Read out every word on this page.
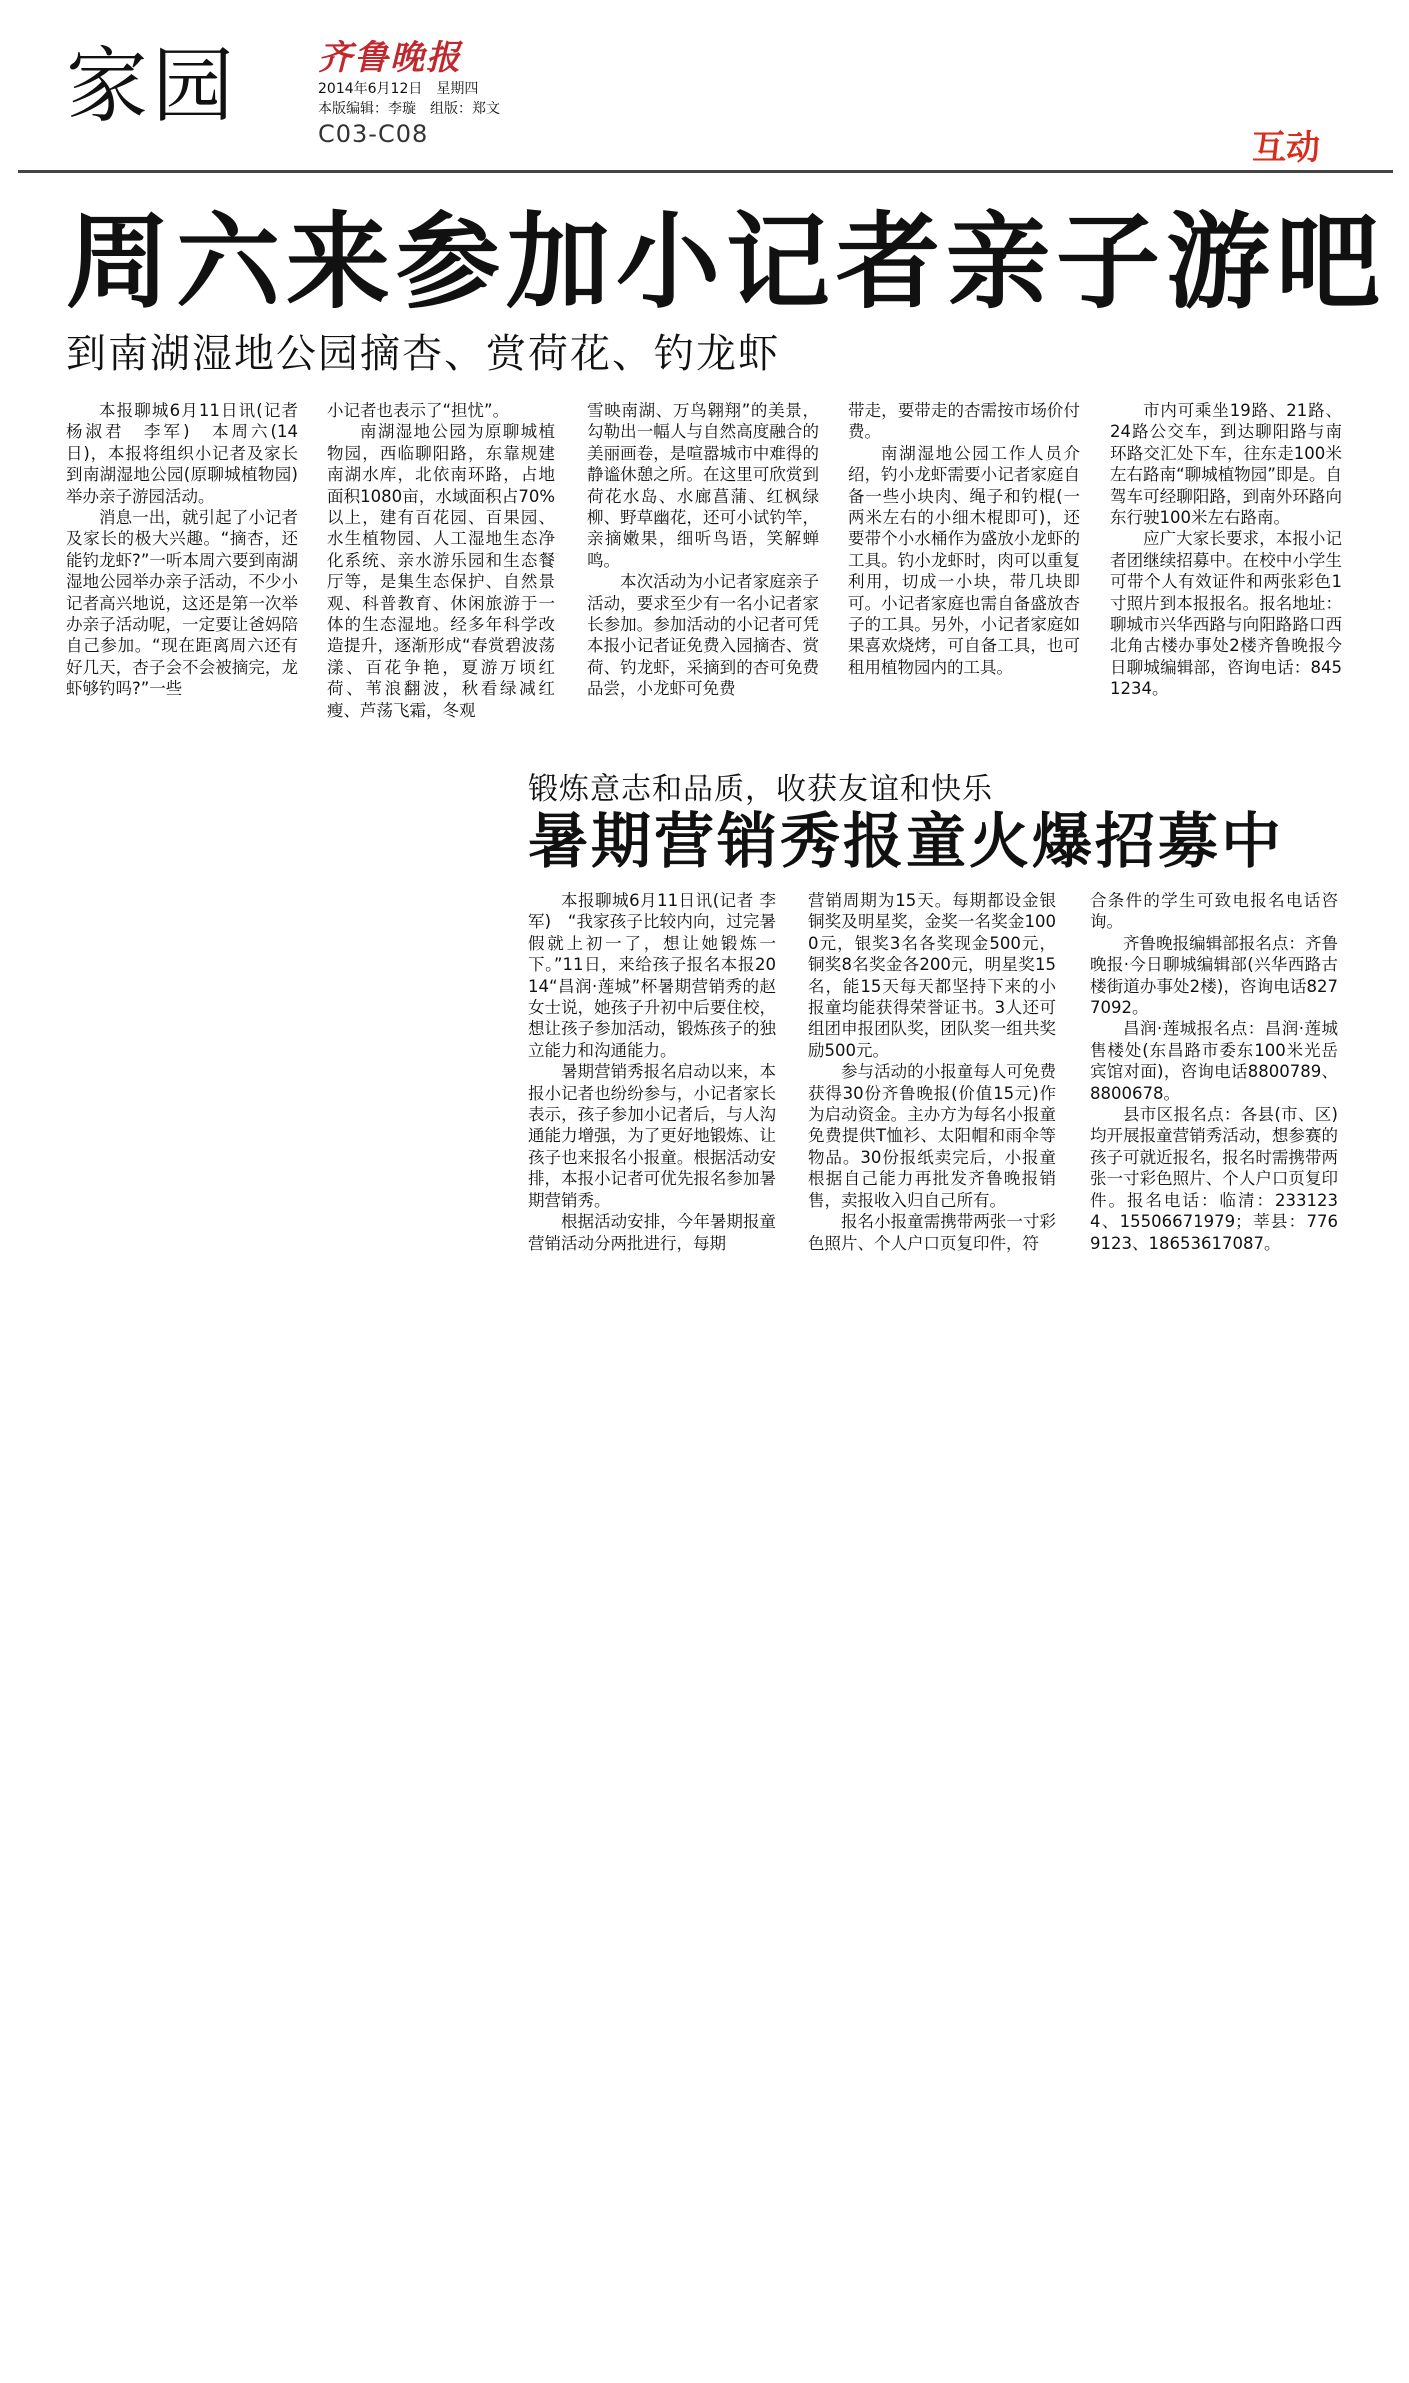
家园 齐鲁晚报
2014年6月12日　星期四
本版编辑：李璇　组版：郑文
C03-C08	互动
周六来参加小记者亲子游吧
到南湖湿地公园摘杏、赏荷花、钓龙虾

本报聊城6月11日讯(记者 杨淑君　李军)　本周六(14日)，本报将组织小记者及家长到南湖湿地公园(原聊城植物园)举办亲子游园活动。

消息一出，就引起了小记者及家长的极大兴趣。“摘杏，还能钓龙虾?”一听本周六要到南湖湿地公园举办亲子活动，不少小记者高兴地说，这还是第一次举办亲子活动呢，一定要让爸妈陪自己参加。“现在距离周六还有好几天，杏子会不会被摘完，龙虾够钓吗?”一些

小记者也表示了“担忧”。

南湖湿地公园为原聊城植物园，西临聊阳路，东靠规建南湖水库，北依南环路，占地面积1080亩，水域面积占70%以上，建有百花园、百果园、水生植物园、人工湿地生态净化系统、亲水游乐园和生态餐厅等，是集生态保护、自然景观、科普教育、休闲旅游于一体的生态湿地。经多年科学改造提升，逐渐形成“春赏碧波荡漾、百花争艳，夏游万顷红荷、苇浪翻波，秋看绿减红瘦、芦荡飞霜，冬观

雪映南湖、万鸟翱翔”的美景，勾勒出一幅人与自然高度融合的美丽画卷，是喧嚣城市中难得的静谧休憩之所。在这里可欣赏到荷花水岛、水廊菖蒲、红枫绿柳、野草幽花，还可小试钓竿，亲摘嫩果，细听鸟语，笑解蝉鸣。

本次活动为小记者家庭亲子活动，要求至少有一名小记者家长参加。参加活动的小记者可凭本报小记者证免费入园摘杏、赏荷、钓龙虾，采摘到的杏可免费品尝，小龙虾可免费

带走，要带走的杏需按市场价付费。

南湖湿地公园工作人员介绍，钓小龙虾需要小记者家庭自备一些小块肉、绳子和钓棍(一两米左右的小细木棍即可)，还要带个小水桶作为盛放小龙虾的工具。钓小龙虾时，肉可以重复利用，切成一小块，带几块即可。小记者家庭也需自备盛放杏子的工具。另外，小记者家庭如果喜欢烧烤，可自备工具，也可租用植物园内的工具。

市内可乘坐19路、21路、24路公交车，到达聊阳路与南环路交汇处下车，往东走100米左右路南“聊城植物园”即是。自驾车可经聊阳路，到南外环路向东行驶100米左右路南。

应广大家长要求，本报小记者团继续招募中。在校中小学生可带个人有效证件和两张彩色1寸照片到本报报名。报名地址：聊城市兴华西路与向阳路路口西北角古楼办事处2楼齐鲁晚报今日聊城编辑部，咨询电话：8451234。

锻炼意志和品质，收获友谊和快乐
暑期营销秀报童火爆招募中

本报聊城6月11日讯(记者 李军)　“我家孩子比较内向，过完暑假就上初一了，想让她锻炼一下。”11日，来给孩子报名本报2014“昌润·莲城”杯暑期营销秀的赵女士说，她孩子升初中后要住校，想让孩子参加活动，锻炼孩子的独立能力和沟通能力。

暑期营销秀报名启动以来，本报小记者也纷纷参与，小记者家长表示，孩子参加小记者后，与人沟通能力增强，为了更好地锻炼、让孩子也来报名小报童。根据活动安排，本报小记者可优先报名参加暑期营销秀。

根据活动安排，今年暑期报童营销活动分两批进行，每期

营销周期为15天。每期都设金银铜奖及明星奖，金奖一名奖金1000元，银奖3名各奖现金500元，铜奖8名奖金各200元，明星奖15名，能15天每天都坚持下来的小报童均能获得荣誉证书。3人还可组团申报团队奖，团队奖一组共奖励500元。

参与活动的小报童每人可免费获得30份齐鲁晚报(价值15元)作为启动资金。主办方为每名小报童免费提供T恤衫、太阳帽和雨伞等物品。30份报纸卖完后，小报童根据自己能力再批发齐鲁晚报销售，卖报收入归自己所有。

报名小报童需携带两张一寸彩色照片、个人户口页复印件，符

合条件的学生可致电报名电话咨询。

齐鲁晚报编辑部报名点：齐鲁晚报·今日聊城编辑部(兴华西路古楼街道办事处2楼)，咨询电话8277092。

昌润·莲城报名点：昌润·莲城售楼处(东昌路市委东100米光岳宾馆对面)，咨询电话8800789、8800678。

县市区报名点：各县(市、区)均开展报童营销秀活动，想参赛的孩子可就近报名，报名时需携带两张一寸彩色照片、个人户口页复印件。报名电话：临清：2331234、15506671979；莘县：7769123、18653617087。
